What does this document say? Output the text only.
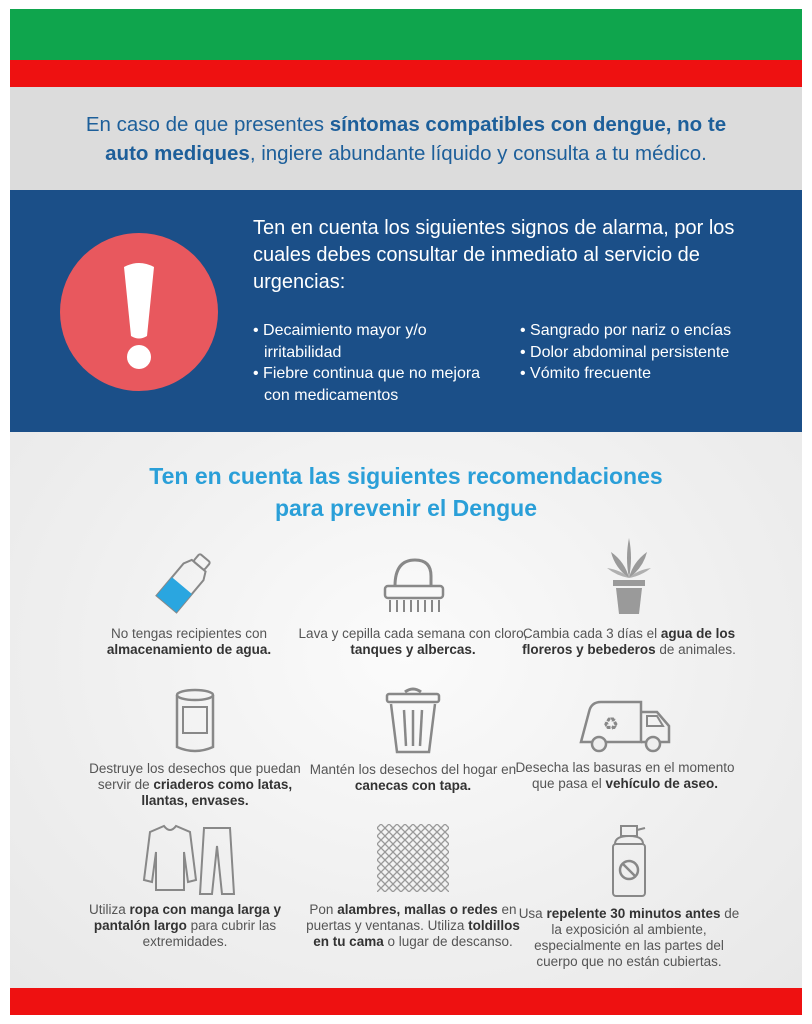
En caso de que presentes síntomas compatibles con dengue, no te auto mediques, ingiere abundante líquido y consulta a tu médico.

Ten en cuenta los siguientes signos de alarma, por los cuales debes consultar de inmediato al servicio de urgencias:

• Decaimiento mayor y/o irritabilidad
• Fiebre continua que no mejora con medicamentos
• Sangrado por nariz o encías
• Dolor abdominal persistente
• Vómito frecuente
Ten en cuenta las siguientes recomendaciones
para prevenir el Dengue

No tengas recipientes con almacenamiento de agua.

Lava y cepilla cada semana con cloro, tanques y albercas.

Cambia cada 3 días el agua de los floreros y bebederos de animales.

Destruye los desechos que puedan servir de criaderos como latas, llantas, envases.

Mantén los desechos del hogar en canecas con tapa.

♻

Desecha las basuras en el momento que pasa el vehículo de aseo.

Utiliza ropa con manga larga y pantalón largo para cubrir las extremidades.

Pon alambres, mallas o redes en puertas y ventanas. Utiliza toldillos en tu cama o lugar de descanso.

Usa repelente 30 minutos antes de la exposición al ambiente, especialmente en las partes del cuerpo que no están cubiertas.
